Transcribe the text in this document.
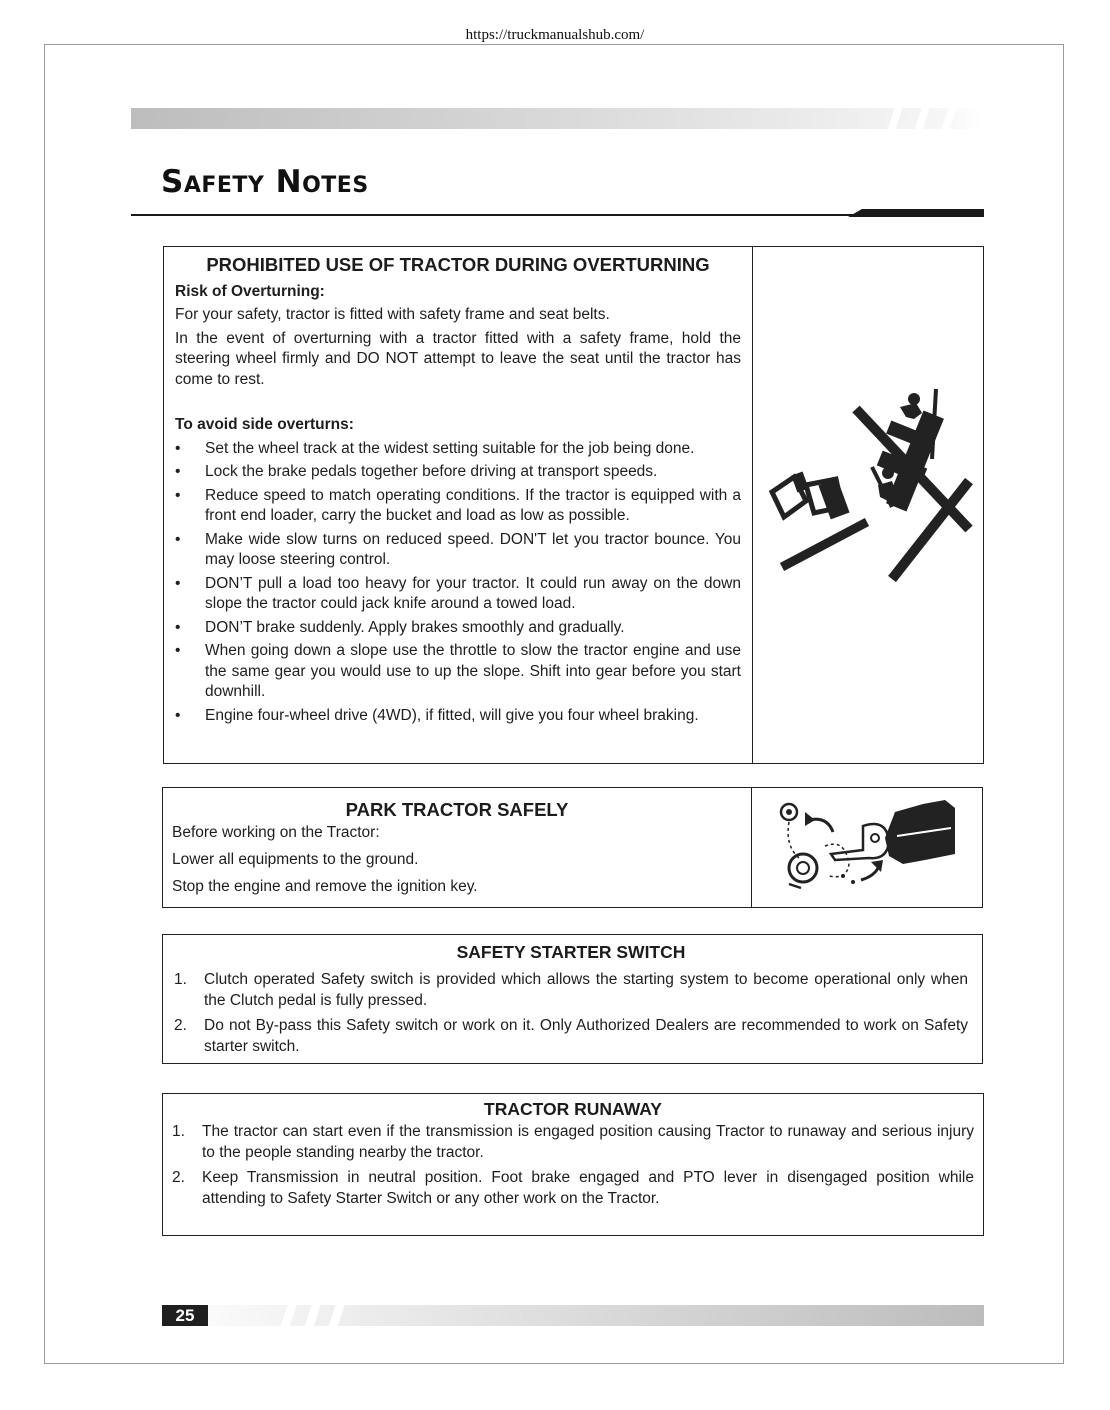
https://truckmanualshub.com/
Safety Notes
PROHIBITED USE OF TRACTOR DURING OVERTURNING

Risk of Overturning:

For your safety, tractor is fitted with safety frame and seat belts.

In the event of overturning with a tractor fitted with a safety frame, hold the steering wheel firmly and DO NOT attempt to leave the seat until the tractor has come to rest.

To avoid side overturns:

• Set the wheel track at the widest setting suitable for the job being done.
• Lock the brake pedals together before driving at transport speeds.
• Reduce speed to match operating conditions. If the tractor is equipped with a front end loader, carry the bucket and load as low as possible.
• Make wide slow turns on reduced speed. DON'T let you tractor bounce. You may loose steering control.
• DON’T pull a load too heavy for your tractor. It could run away on the down slope the tractor could jack knife around a towed load.
• DON’T brake suddenly. Apply brakes smoothly and gradually.
• When going down a slope use the throttle to slow the tractor engine and use the same gear you would use to up the slope. Shift into gear before you start downhill.
• Engine four-wheel drive (4WD), if fitted, will give you four wheel braking.
PARK TRACTOR SAFELY

Before working on the Tractor:

Lower all equipments to the ground.

Stop the engine and remove the ignition key.

SAFETY STARTER SWITCH
1. Clutch operated Safety switch is provided which allows the starting system to become operational only when the Clutch pedal is fully pressed.
2. Do not By-pass this Safety switch or work on it. Only Authorized Dealers are recommended to work on Safety starter switch.
TRACTOR RUNAWAY
1. The tractor can start even if the transmission is engaged position causing Tractor to runaway and serious injury to the people standing nearby the tractor.
2. Keep Transmission in neutral position. Foot brake engaged and PTO lever in disengaged position while attending to Safety Starter Switch or any other work on the Tractor.
25
